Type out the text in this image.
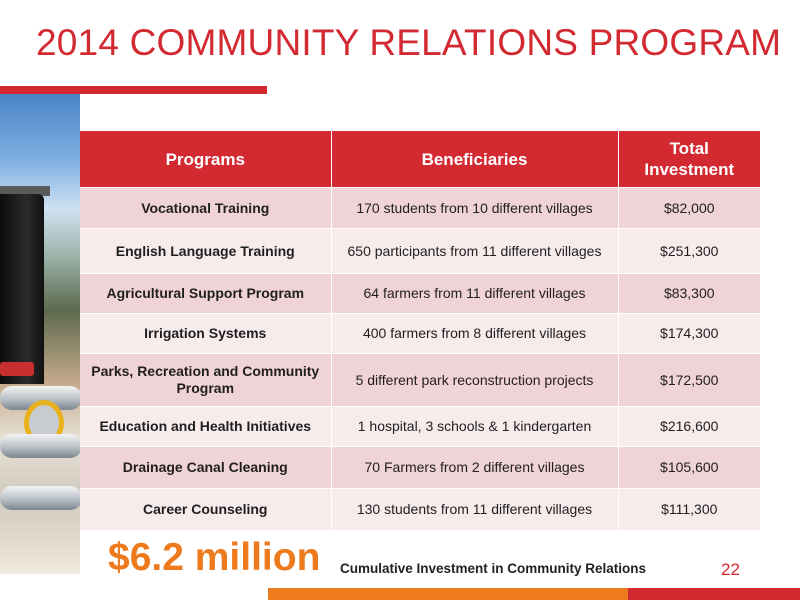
2014 COMMUNITY RELATIONS PROGRAM
Programs	Beneficiaries	Total Investment
Vocational Training	170 students from 10 different villages	$82,000
English Language Training	650 participants from 11 different villages	$251,300
Agricultural Support Program	64 farmers from 11 different villages	$83,300
Irrigation Systems	400 farmers from 8 different villages	$174,300
Parks, Recreation and Community Program	5 different park reconstruction projects	$172,500
Education and Health Initiatives	1 hospital, 3 schools & 1 kindergarten	$216,600
Drainage Canal Cleaning	70 Farmers from 2 different villages	$105,600
Career Counseling	130 students from 11 different villages	$111,300
$6.2 million Cumulative Investment in Community Relations	22
